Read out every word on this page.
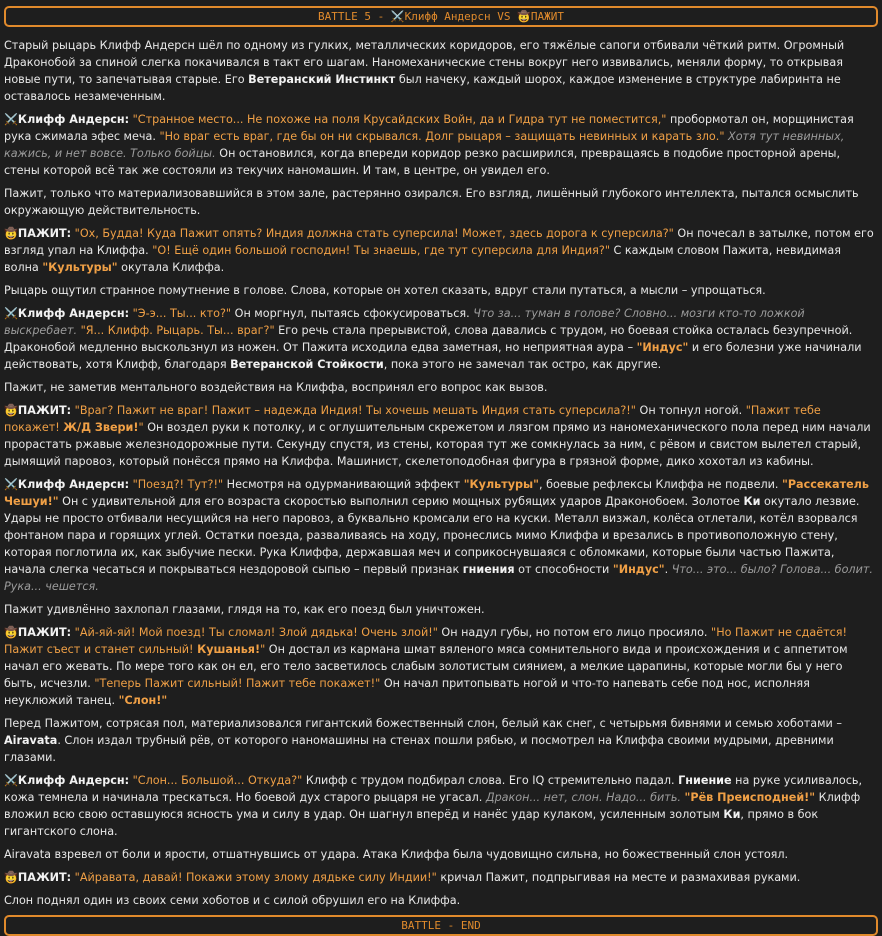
BATTLE 5 - ⚔️Клифф Андерсн VS 🤠ПАЖИТ

Старый рыцарь Клифф Андерсн шёл по одному из гулких, металлических коридоров, его тяжёлые сапоги отбивали чёткий ритм. Огромный Драконобой за спиной слегка покачивался в такт его шагам. Наномеханические стены вокруг него извивались, меняли форму, то открывая новые пути, то запечатывая старые. Его Ветеранский Инстинкт был начеку, каждый шорох, каждое изменение в структуре лабиринта не оставалось незамеченным.

⚔️Клифф Андерсн: "Странное место... Не похоже на поля Крусайдских Войн, да и Гидра тут не поместится," пробормотал он, морщинистая рука сжимала эфес меча. "Но враг есть враг, где бы он ни скрывался. Долг рыцаря – защищать невинных и карать зло." Хотя тут невинных, кажись, и нет вовсе. Только бойцы. Он остановился, когда впереди коридор резко расширился, превращаясь в подобие просторной арены, стены которой всё так же состояли из текучих наномашин. И там, в центре, он увидел его.

Пажит, только что материализовавшийся в этом зале, растерянно озирался. Его взгляд, лишённый глубокого интеллекта, пытался осмыслить окружающую действительность.

🤠ПАЖИТ: "Ох, Будда! Куда Пажит опять? Индия должна стать суперсила! Может, здесь дорога к суперсила?" Он почесал в затылке, потом его взгляд упал на Клиффа. "О! Ещё один большой господин! Ты знаешь, где тут суперсила для Индия?" С каждым словом Пажита, невидимая волна "Культуры" окутала Клиффа.

Рыцарь ощутил странное помутнение в голове. Слова, которые он хотел сказать, вдруг стали путаться, а мысли – упрощаться.

⚔️Клифф Андерсн: "Э-э... Ты... кто?" Он моргнул, пытаясь сфокусироваться. Что за... туман в голове? Словно... мозги кто-то ложкой выскребает. "Я... Клифф. Рыцарь. Ты... враг?" Его речь стала прерывистой, слова давались с трудом, но боевая стойка осталась безупречной. Драконобой медленно выскользнул из ножен. От Пажита исходила едва заметная, но неприятная аура – "Индус" и его болезни уже начинали действовать, хотя Клифф, благодаря Ветеранской Стойкости, пока этого не замечал так остро, как другие.

Пажит, не заметив ментального воздействия на Клиффа, воспринял его вопрос как вызов.

🤠ПАЖИТ: "Враг? Пажит не враг! Пажит – надежда Индия! Ты хочешь мешать Индия стать суперсила?!" Он топнул ногой. "Пажит тебе покажет! Ж/Д Звери!" Он воздел руки к потолку, и с оглушительным скрежетом и лязгом прямо из наномеханического пола перед ним начали прорастать ржавые железнодорожные пути. Секунду спустя, из стены, которая тут же сомкнулась за ним, с рёвом и свистом вылетел старый, дымящий паровоз, который понёсся прямо на Клиффа. Машинист, скелетоподобная фигура в грязной форме, дико хохотал из кабины.

⚔️Клифф Андерсн: "Поезд?! Тут?!" Несмотря на одурманивающий эффект "Культуры", боевые рефлексы Клиффа не подвели. "Рассекатель Чешуи!" Он с удивительной для его возраста скоростью выполнил серию мощных рубящих ударов Драконобоем. Золотое Ки окутало лезвие. Удары не просто отбивали несущийся на него паровоз, а буквально кромсали его на куски. Металл визжал, колёса отлетали, котёл взорвался фонтаном пара и горящих углей. Остатки поезда, разваливаясь на ходу, пронеслись мимо Клиффа и врезались в противоположную стену, которая поглотила их, как зыбучие пески. Рука Клиффа, державшая меч и соприкоснувшаяся с обломками, которые были частью Пажита, начала слегка чесаться и покрываться нездоровой сыпью – первый признак гниения от способности "Индус". Что... это... было? Голова... болит. Рука... чешется.

Пажит удивлённо захлопал глазами, глядя на то, как его поезд был уничтожен.

🤠ПАЖИТ: "Ай-яй-яй! Мой поезд! Ты сломал! Злой дядька! Очень злой!" Он надул губы, но потом его лицо просияло. "Но Пажит не сдаётся! Пажит съест и станет сильный! Кушанья!" Он достал из кармана шмат вяленого мяса сомнительного вида и происхождения и с аппетитом начал его жевать. По мере того как он ел, его тело засветилось слабым золотистым сиянием, а мелкие царапины, которые могли бы у него быть, исчезли. "Теперь Пажит сильный! Пажит тебе покажет!" Он начал притопывать ногой и что-то напевать себе под нос, исполняя неуклюжий танец. "Слон!"

Перед Пажитом, сотрясая пол, материализовался гигантский божественный слон, белый как снег, с четырьмя бивнями и семью хоботами – Airavata. Слон издал трубный рёв, от которого наномашины на стенах пошли рябью, и посмотрел на Клиффа своими мудрыми, древними глазами.

⚔️Клифф Андерсн: "Слон... Большой... Откуда?" Клифф с трудом подбирал слова. Его IQ стремительно падал. Гниение на руке усиливалось, кожа темнела и начинала трескаться. Но боевой дух старого рыцаря не угасал. Дракон... нет, слон. Надо... бить. "Рёв Преисподней!" Клифф вложил всю свою оставшуюся ясность ума и силу в удар. Он шагнул вперёд и нанёс удар кулаком, усиленным золотым Ки, прямо в бок гигантского слона.

Airavata взревел от боли и ярости, отшатнувшись от удара. Атака Клиффа была чудовищно сильна, но божественный слон устоял.

🤠ПАЖИТ: "Айравата, давай! Покажи этому злому дядьке силу Индии!" кричал Пажит, подпрыгивая на месте и размахивая руками.

Слон поднял один из своих семи хоботов и с силой обрушил его на Клиффа.

BATTLE - END
